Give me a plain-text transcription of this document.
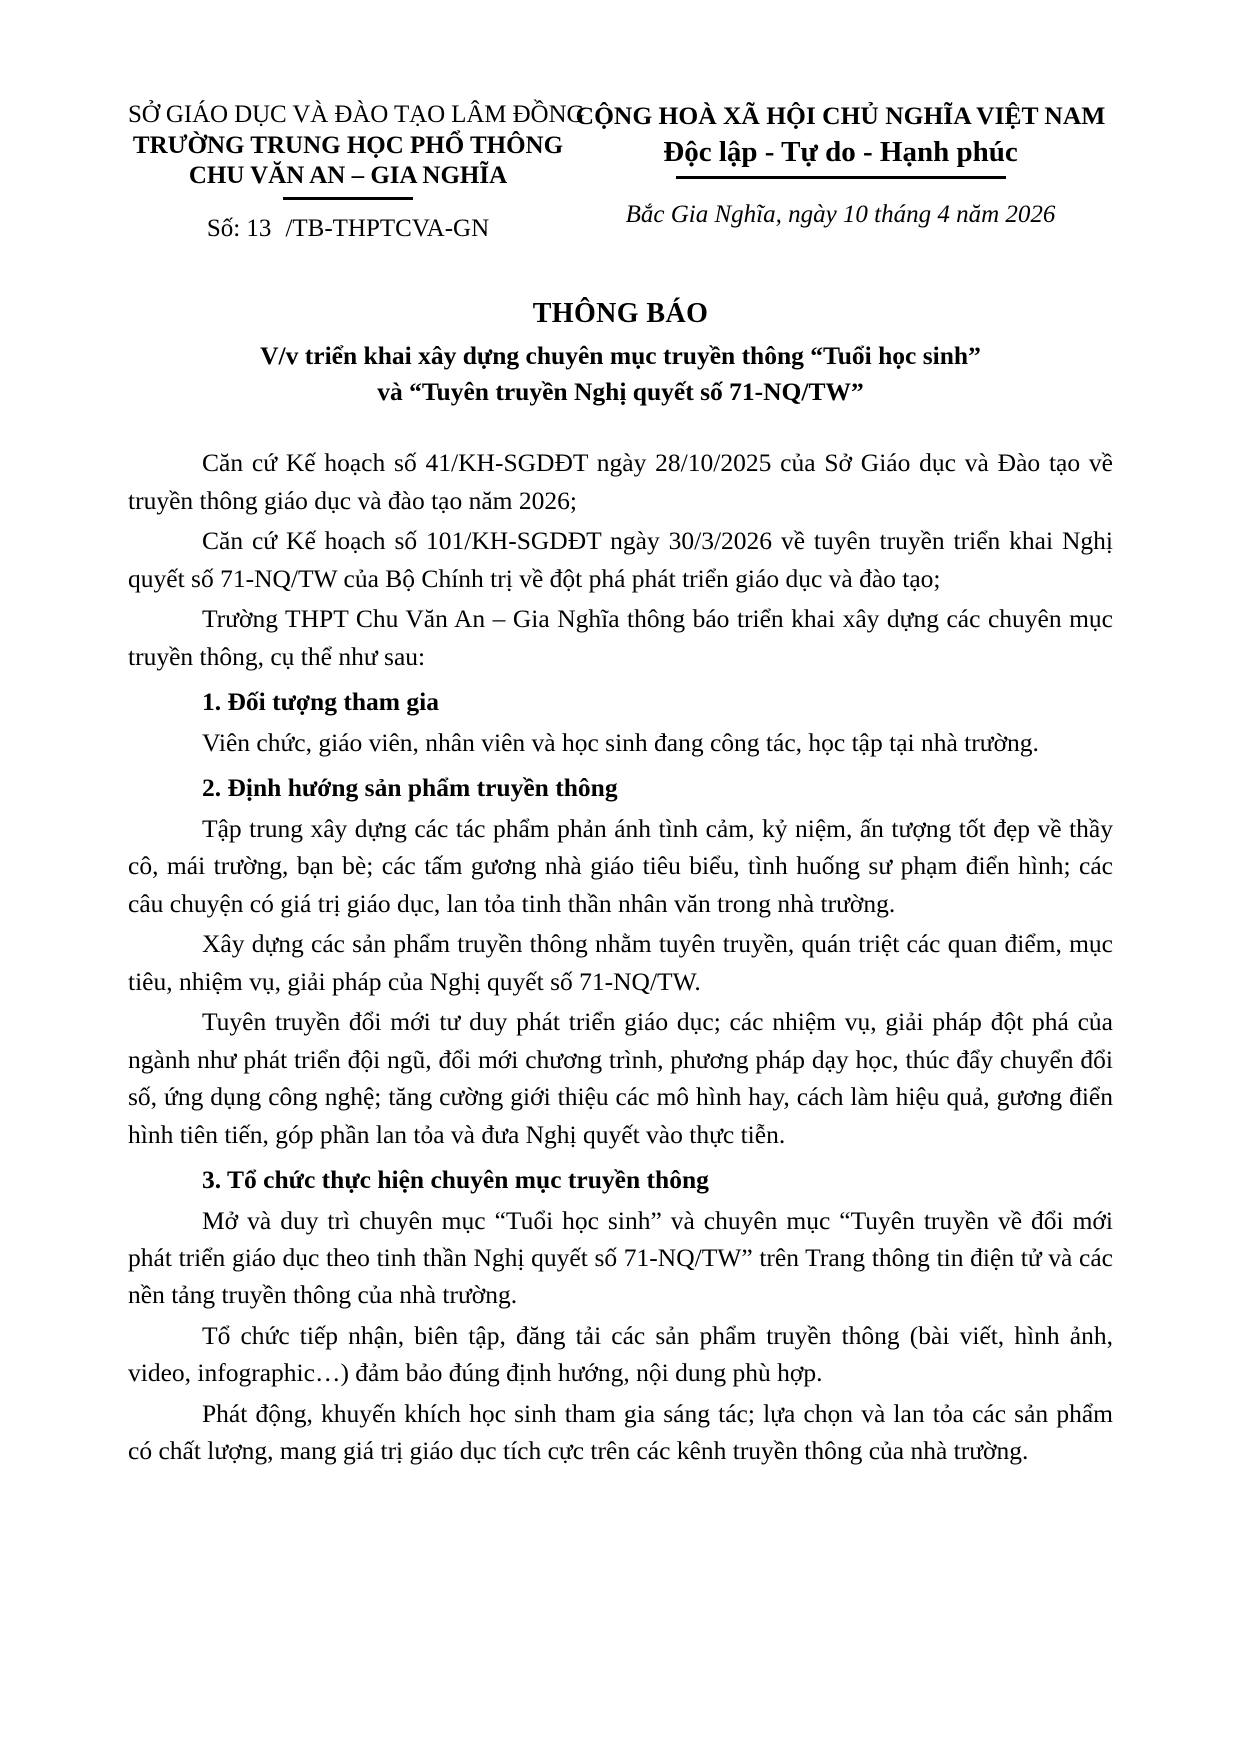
SỞ GIÁO DỤC VÀ ĐÀO TẠO LÂM ĐỒNG
TRƯỜNG TRUNG HỌC PHỔ THÔNG
CHU VĂN AN – GIA NGHĨA
Số: 13 /TB-THPTCVA-GN
CỘNG HOÀ XÃ HỘI CHỦ NGHĨA VIỆT NAM
Độc lập - Tự do - Hạnh phúc
Bắc Gia Nghĩa, ngày 10 tháng 4 năm 2026
THÔNG BÁO
V/v triển khai xây dựng chuyên mục truyền thông “Tuổi học sinh”
và “Tuyên truyền Nghị quyết số 71-NQ/TW”

Căn cứ Kế hoạch số 41/KH-SGDĐT ngày 28/10/2025 của Sở Giáo dục và Đào tạo về truyền thông giáo dục và đào tạo năm 2026;

Căn cứ Kế hoạch số 101/KH-SGDĐT ngày 30/3/2026 về tuyên truyền triển khai Nghị quyết số 71-NQ/TW của Bộ Chính trị về đột phá phát triển giáo dục và đào tạo;

Trường THPT Chu Văn An – Gia Nghĩa thông báo triển khai xây dựng các chuyên mục truyền thông, cụ thể như sau:

1. Đối tượng tham gia

Viên chức, giáo viên, nhân viên và học sinh đang công tác, học tập tại nhà trường.

2. Định hướng sản phẩm truyền thông

Tập trung xây dựng các tác phẩm phản ánh tình cảm, kỷ niệm, ấn tượng tốt đẹp về thầy cô, mái trường, bạn bè; các tấm gương nhà giáo tiêu biểu, tình huống sư phạm điển hình; các câu chuyện có giá trị giáo dục, lan tỏa tinh thần nhân văn trong nhà trường.

Xây dựng các sản phẩm truyền thông nhằm tuyên truyền, quán triệt các quan điểm, mục tiêu, nhiệm vụ, giải pháp của Nghị quyết số 71-NQ/TW.

Tuyên truyền đổi mới tư duy phát triển giáo dục; các nhiệm vụ, giải pháp đột phá của ngành như phát triển đội ngũ, đổi mới chương trình, phương pháp dạy học, thúc đẩy chuyển đổi số, ứng dụng công nghệ; tăng cường giới thiệu các mô hình hay, cách làm hiệu quả, gương điển hình tiên tiến, góp phần lan tỏa và đưa Nghị quyết vào thực tiễn.

3. Tổ chức thực hiện chuyên mục truyền thông

Mở và duy trì chuyên mục “Tuổi học sinh” và chuyên mục “Tuyên truyền về đổi mới phát triển giáo dục theo tinh thần Nghị quyết số 71-NQ/TW” trên Trang thông tin điện tử và các nền tảng truyền thông của nhà trường.

Tổ chức tiếp nhận, biên tập, đăng tải các sản phẩm truyền thông (bài viết, hình ảnh, video, infographic…) đảm bảo đúng định hướng, nội dung phù hợp.

Phát động, khuyến khích học sinh tham gia sáng tác; lựa chọn và lan tỏa các sản phẩm có chất lượng, mang giá trị giáo dục tích cực trên các kênh truyền thông của nhà trường.
